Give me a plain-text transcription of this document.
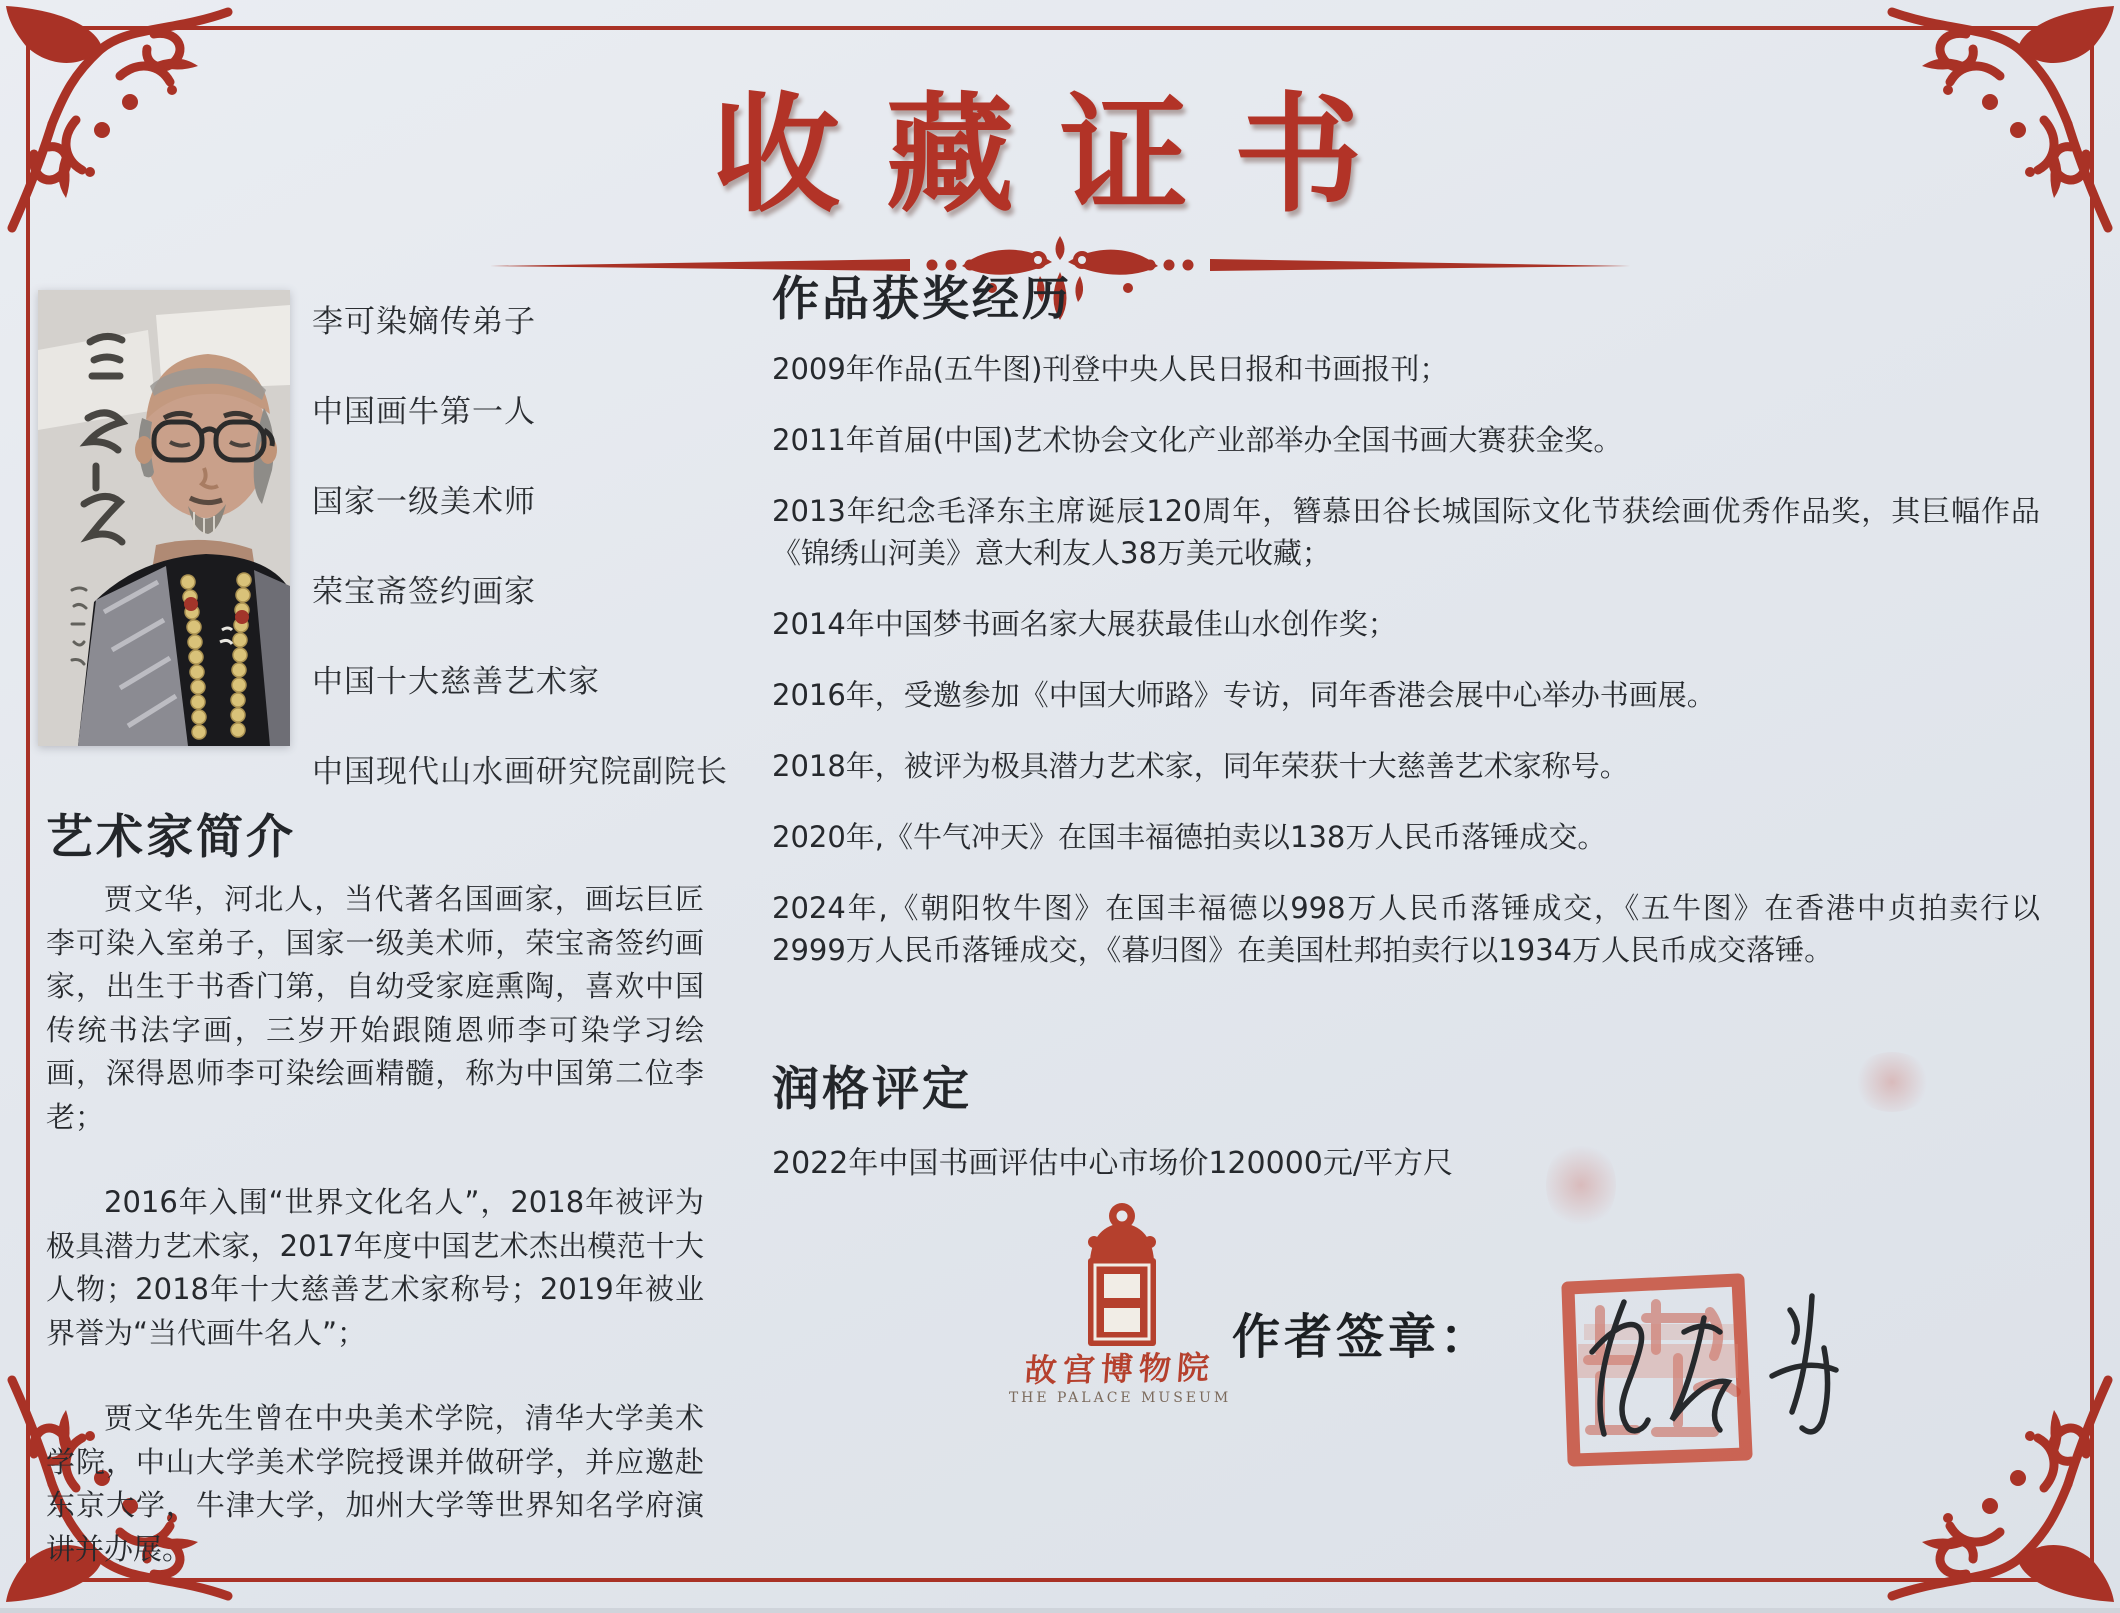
收藏证书
李可染嫡传弟子
中国画牛第一人
国家一级美术师
荣宝斋签约画家
中国十大慈善艺术家
中国现代山水画研究院副院长
艺术家简介

贾文华，河北人，当代著名国画家，画坛巨匠李可染入室弟子，国家一级美术师，荣宝斋签约画家，出生于书香门第，自幼受家庭熏陶，喜欢中国传统书法字画，三岁开始跟随恩师李可染学习绘画，深得恩师李可染绘画精髓，称为中国第二位李老；

2016年入围“世界文化名人”，2018年被评为极具潜力艺术家，2017年度中国艺术杰出模范十大人物；2018年十大慈善艺术家称号；2019年被业界誉为“当代画牛名人”；

贾文华先生曾在中央美术学院，清华大学美术学院，中山大学美术学院授课并做研学，并应邀赴东京大学，牛津大学，加州大学等世界知名学府演讲并办展。

作品获奖经历
2009年作品(五牛图)刊登中央人民日报和书画报刊；
2011年首届(中国)艺术协会文化产业部举办全国书画大赛获金奖。
2013年纪念毛泽东主席诞辰120周年，簪慕田谷长城国际文化节获绘画优秀作品奖，其巨幅作品《锦绣山河美》意大利友人38万美元收藏；
2014年中国梦书画名家大展获最佳山水创作奖；
2016年，受邀参加《中国大师路》专访，同年香港会展中心举办书画展。
2018年，被评为极具潜力艺术家，同年荣获十大慈善艺术家称号。
2020年,《牛气冲天》在国丰福德拍卖以138万人民币落锤成交。
2024年,《朝阳牧牛图》在国丰福德以998万人民币落锤成交，《五牛图》在香港中贞拍卖行以2999万人民币落锤成交，《暮归图》在美国杜邦拍卖行以1934万人民币成交落锤。
润格评定
2022年中国书画评估中心市场价120000元/平方尺
故宫博物院
THE PALACE MUSEUM
作者签章：
